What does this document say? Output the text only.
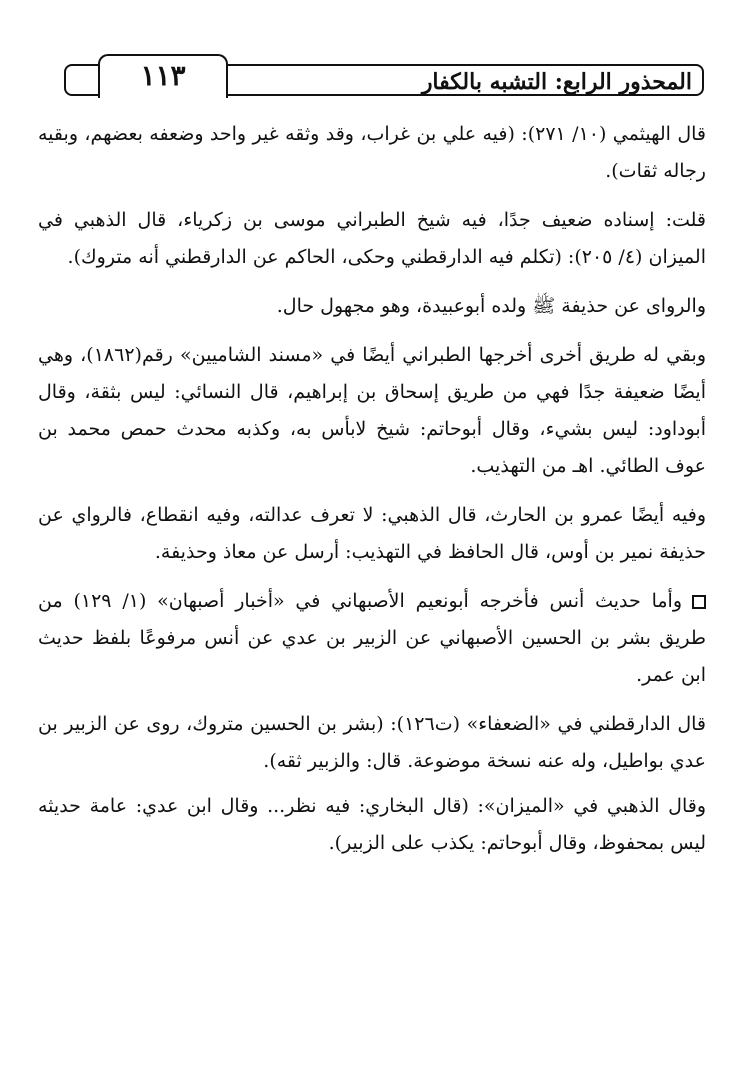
المحذور الرابع: التشبه بالكفار
١١٣

قال الهيثمي (١٠/ ٢٧١): (فيه علي بن غراب، وقد وثقه غير واحد وضعفه بعضهم، وبقيه رجاله ثقات).

قلت: إسناده ضعيف جدًا، فيه شيخ الطبراني موسى بن زكرياء، قال الذهبي في الميزان (٤/ ٢٠٥): (تكلم فيه الدارقطني وحكى، الحاكم عن الدارقطني أنه متروك).

والرواى عن حذيفة ﷺ ولده أبوعبيدة، وهو مجهول حال.

وبقي له طريق أخرى أخرجها الطبراني أيضًا في «مسند الشاميين» رقم(١٨٦٢)، وهي أيضًا ضعيفة جدًا فهي من طريق إسحاق بن إبراهيم، قال النسائي: ليس بثقة، وقال أبوداود: ليس بشيء، وقال أبوحاتم: شيخ لابأس به، وكذبه محدث حمص محمد بن عوف الطائي. اهـ من التهذيب.

وفيه أيضًا عمرو بن الحارث، قال الذهبي: لا تعرف عدالته، وفيه انقطاع، فالرواي عن حذيفة نمير بن أوس، قال الحافظ في التهذيب: أرسل عن معاذ وحذيفة.

وأما حديث أنس فأخرجه أبونعيم الأصبهاني في «أخبار أصبهان» (١/ ١٢٩) من طريق بشر بن الحسين الأصبهاني عن الزبير بن عدي عن أنس مرفوعًا بلفظ حديث ابن عمر.

قال الدارقطني في «الضعفاء» (ت١٢٦): (بشر بن الحسين متروك، روى عن الزبير بن عدي بواطيل، وله عنه نسخة موضوعة. قال: والزبير ثقه).

وقال الذهبي في «الميزان»: (قال البخاري: فيه نظر... وقال ابن عدي: عامة حديثه ليس بمحفوظ، وقال أبوحاتم: يكذب على الزبير).
